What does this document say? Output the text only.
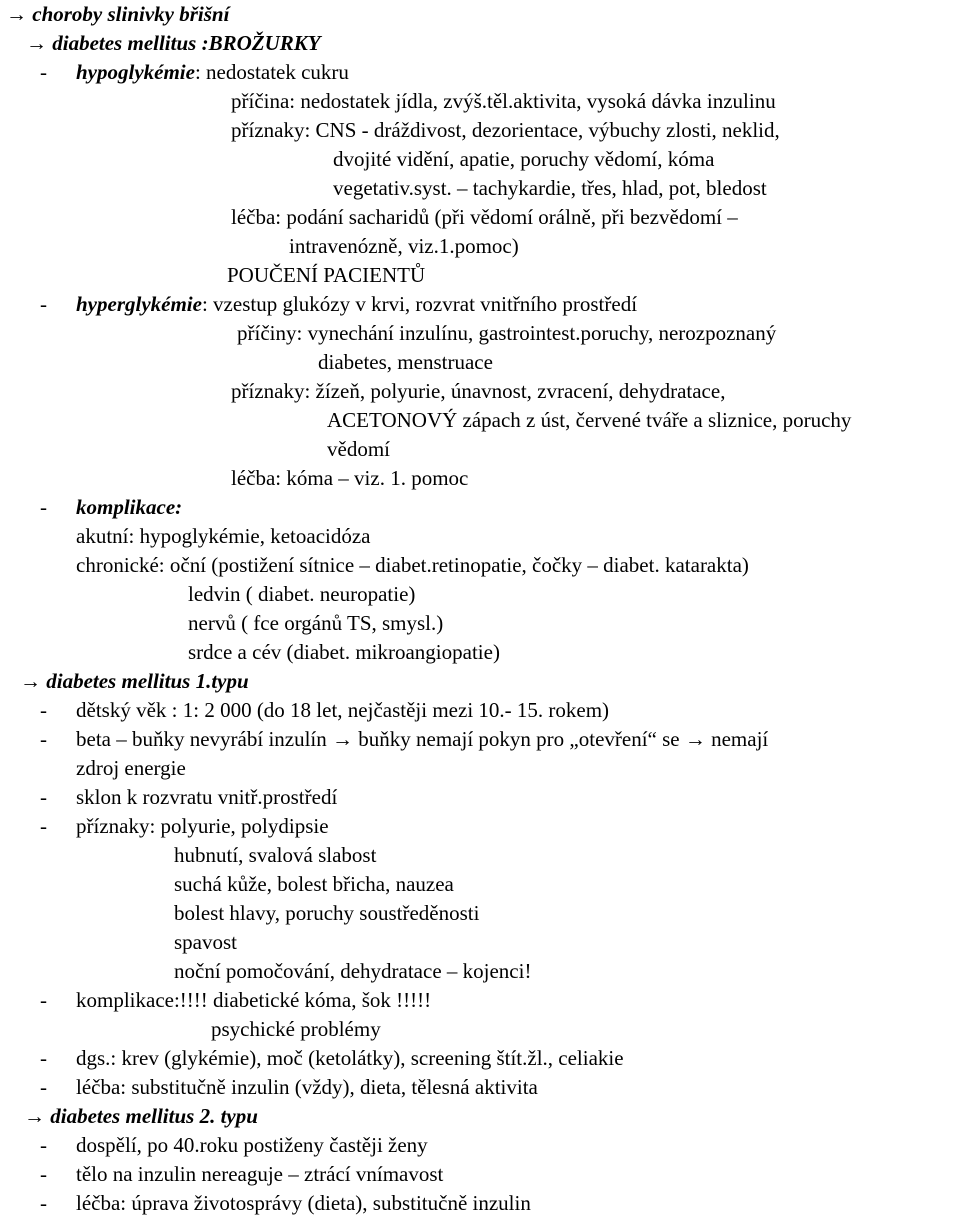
→ choroby slinivky břišní
→ diabetes mellitus :BROŽURKY
- hypoglykémie: nedostatek cukru
příčina: nedostatek jídla, zvýš.těl.aktivita, vysoká dávka inzulinu
příznaky: CNS - dráždivost, dezorientace, výbuchy zlosti, neklid,
dvojité vidění, apatie, poruchy vědomí, kóma
vegetativ.syst. – tachykardie, třes, hlad, pot, bledost
léčba: podání sacharidů (při vědomí orálně, při bezvědomí –
intravenózně, viz.1.pomoc)
POUČENÍ PACIENTŮ
- hyperglykémie: vzestup glukózy v krvi, rozvrat vnitřního prostředí
příčiny: vynechání inzulínu, gastrointest.poruchy, nerozpoznaný
diabetes, menstruace
příznaky: žízeň, polyurie, únavnost, zvracení, dehydratace,
ACETONOVÝ zápach z úst, červené tváře a sliznice, poruchy
vědomí
léčba: kóma – viz. 1. pomoc
- komplikace:
akutní: hypoglykémie, ketoacidóza
chronické: oční (postižení sítnice – diabet.retinopatie, čočky – diabet. katarakta)
ledvin ( diabet. neuropatie)
nervů ( fce orgánů TS, smysl.)
srdce a cév (diabet. mikroangiopatie)
→ diabetes mellitus 1.typu
- dětský věk : 1: 2 000 (do 18 let, nejčastěji mezi 10.- 15. rokem)
- beta – buňky nevyrábí inzulín → buňky nemají pokyn pro „otevření“ se → nemají
zdroj energie
- sklon k rozvratu vnitř.prostředí
- příznaky: polyurie, polydipsie
hubnutí, svalová slabost
suchá kůže, bolest břicha, nauzea
bolest hlavy, poruchy soustředěnosti
spavost
noční pomočování, dehydratace – kojenci!
- komplikace:!!!! diabetické kóma, šok !!!!!
psychické problémy
- dgs.: krev (glykémie), moč (ketolátky), screening štít.žl., celiakie
- léčba: substitučně inzulin (vždy), dieta, tělesná aktivita
→ diabetes mellitus 2. typu
- dospělí, po 40.roku postiženy častěji ženy
- tělo na inzulin nereaguje – ztrácí vnímavost
- léčba: úprava životosprávy (dieta), substitučně inzulin
